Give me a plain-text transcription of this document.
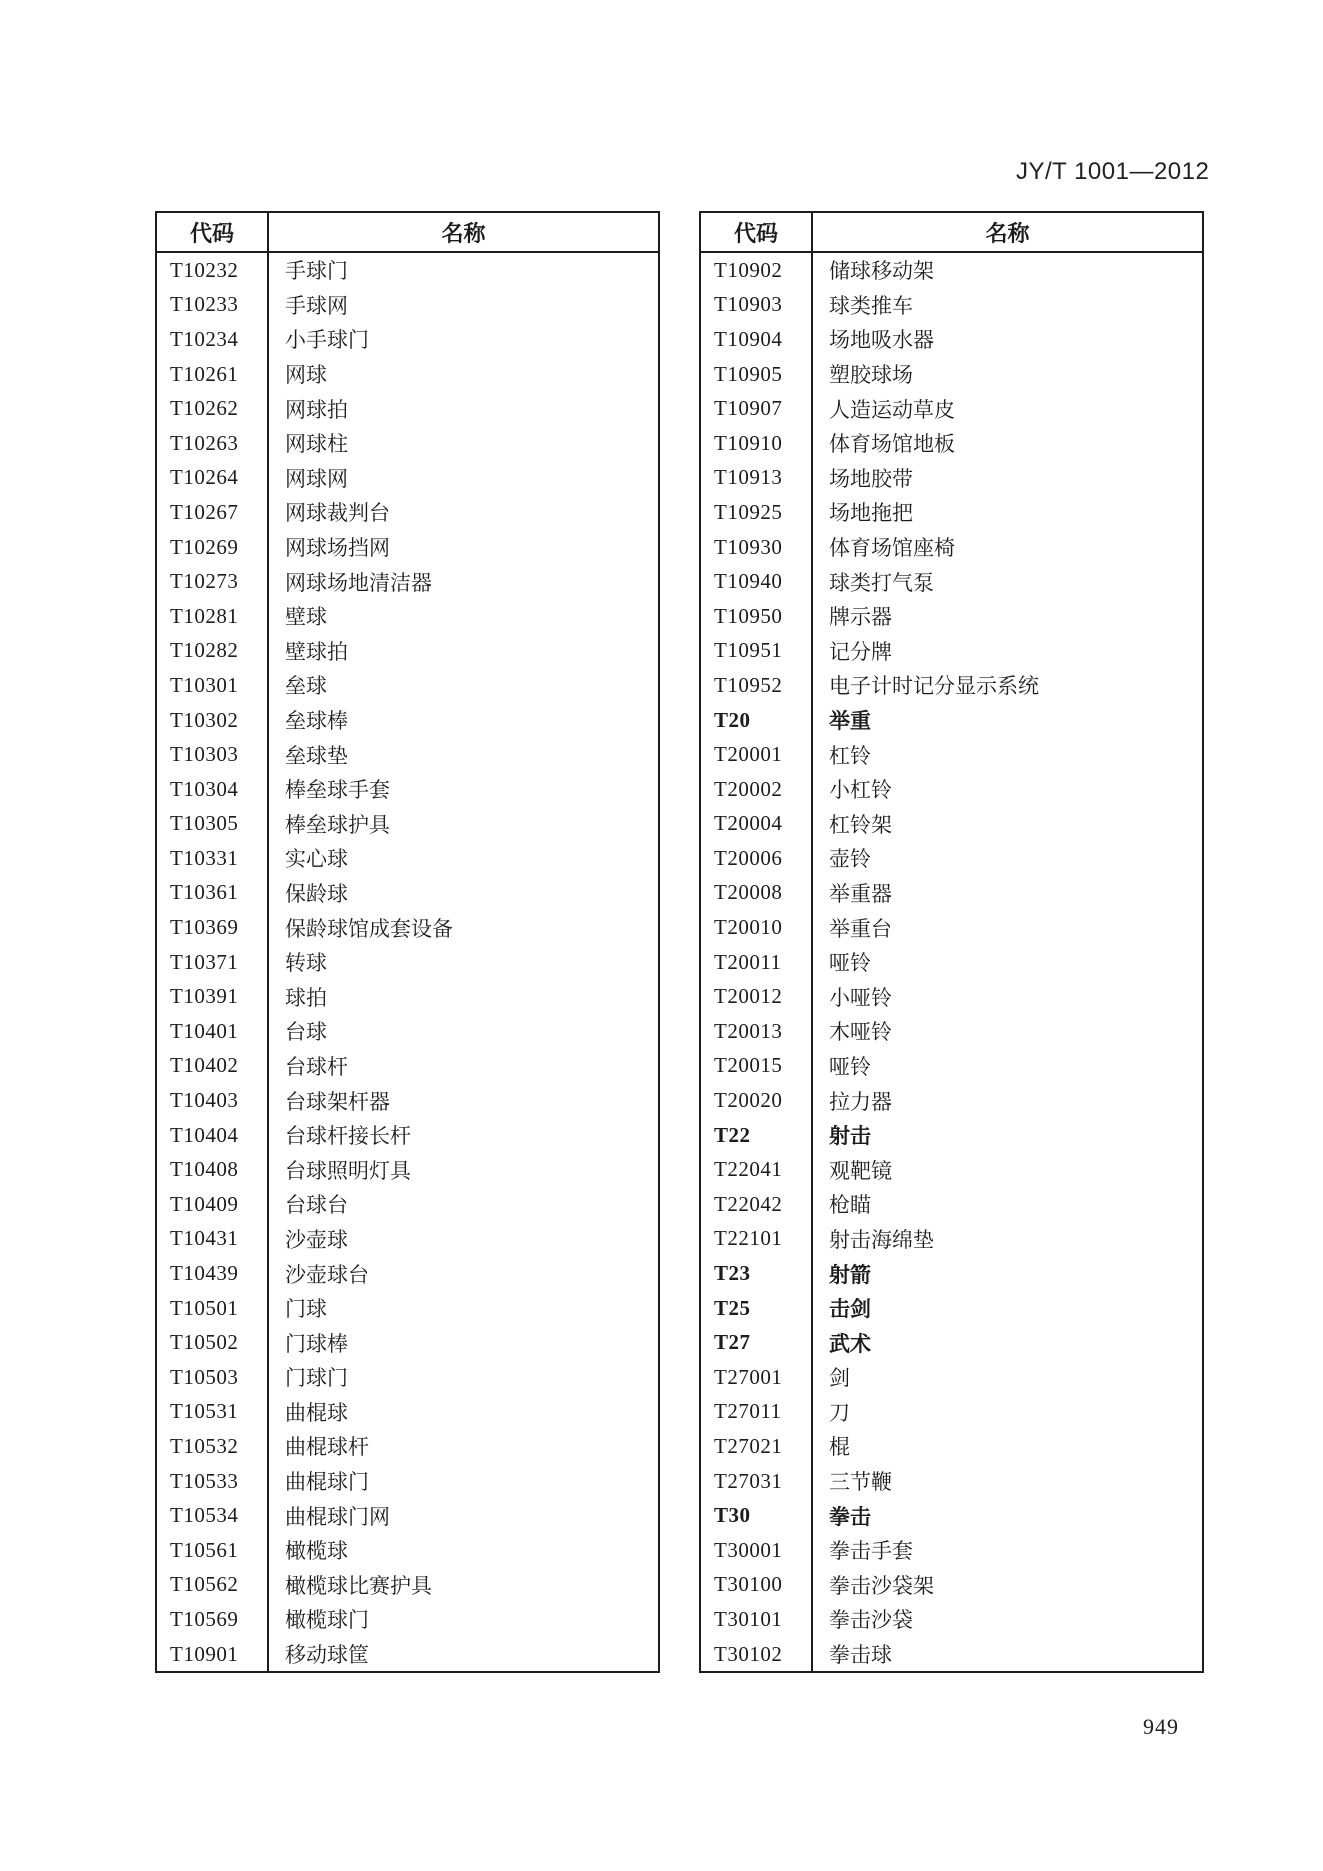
JY/T 1001—2012
代码	名称
T10232	手球门
T10233	手球网
T10234	小手球门
T10261	网球
T10262	网球拍
T10263	网球柱
T10264	网球网
T10267	网球裁判台
T10269	网球场挡网
T10273	网球场地清洁器
T10281	壁球
T10282	壁球拍
T10301	垒球
T10302	垒球棒
T10303	垒球垫
T10304	棒垒球手套
T10305	棒垒球护具
T10331	实心球
T10361	保龄球
T10369	保龄球馆成套设备
T10371	转球
T10391	球拍
T10401	台球
T10402	台球杆
T10403	台球架杆器
T10404	台球杆接长杆
T10408	台球照明灯具
T10409	台球台
T10431	沙壶球
T10439	沙壶球台
T10501	门球
T10502	门球棒
T10503	门球门
T10531	曲棍球
T10532	曲棍球杆
T10533	曲棍球门
T10534	曲棍球门网
T10561	橄榄球
T10562	橄榄球比赛护具
T10569	橄榄球门
T10901	移动球筐
代码	名称
T10902	储球移动架
T10903	球类推车
T10904	场地吸水器
T10905	塑胶球场
T10907	人造运动草皮
T10910	体育场馆地板
T10913	场地胶带
T10925	场地拖把
T10930	体育场馆座椅
T10940	球类打气泵
T10950	牌示器
T10951	记分牌
T10952	电子计时记分显示系统
T20	举重
T20001	杠铃
T20002	小杠铃
T20004	杠铃架
T20006	壶铃
T20008	举重器
T20010	举重台
T20011	哑铃
T20012	小哑铃
T20013	木哑铃
T20015	哑铃
T20020	拉力器
T22	射击
T22041	观靶镜
T22042	枪瞄
T22101	射击海绵垫
T23	射箭
T25	击剑
T27	武术
T27001	剑
T27011	刀
T27021	棍
T27031	三节鞭
T30	拳击
T30001	拳击手套
T30100	拳击沙袋架
T30101	拳击沙袋
T30102	拳击球
949
